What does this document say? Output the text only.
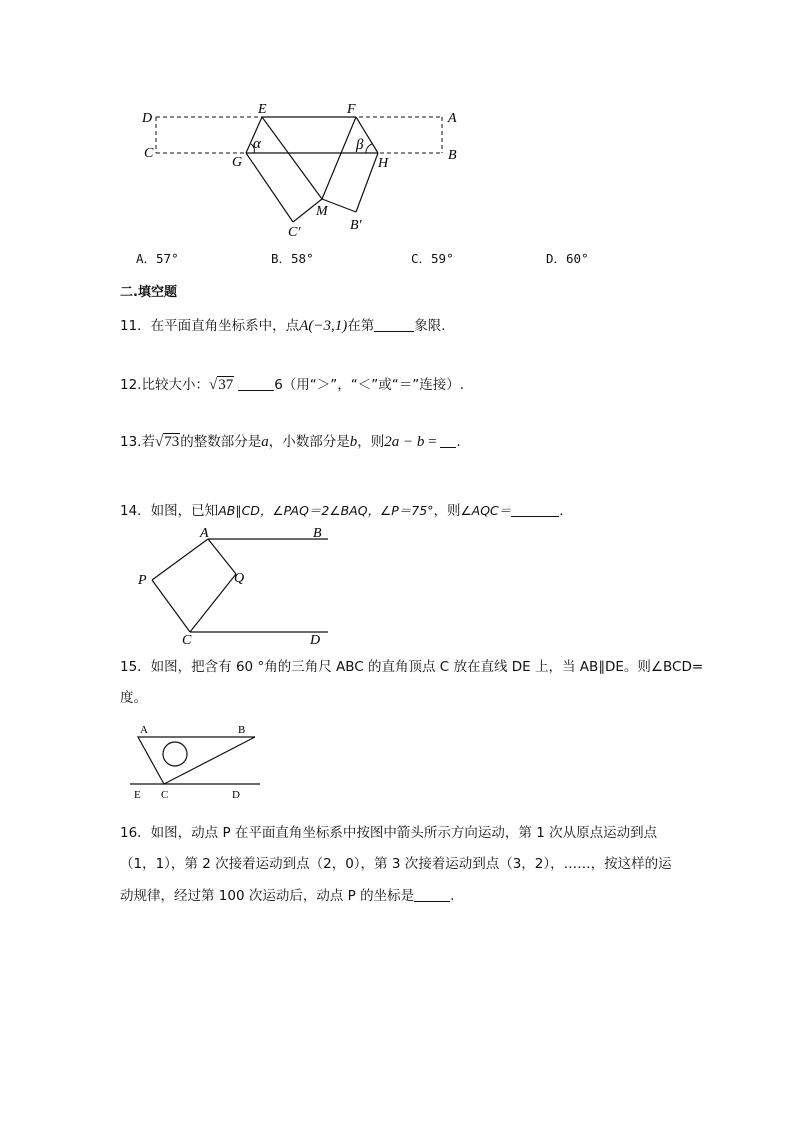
D
E	F
A
C	B
G	H
M
C′	B′
α	β
A．57°	B．58°	C．59°	D．60°
二.填空题
11．在平面直角坐标系中，点A(−3,1)在第	象限.
12.比较大小：√37	6（用“＞”，“＜”或“＝”连接）.
13.若√73的整数部分是a，小数部分是b，则2a − b = .
14．如图，已知AB∥CD，∠PAQ＝2∠BAQ，∠P＝75°，则∠AQC＝	.
A	B
P	Q
C	D
15．如图，把含有 60 °角的三角尺 ABC 的直角顶点 C 放在直线 DE 上，当 AB∥DE。则∠BCD=
度。
A	B
E C	D
16．如图，动点 P 在平面直角坐标系中按图中箭头所示方向运动，第 1 次从原点运动到点
（1，1），第 2 次接着运动到点（2，0），第 3 次接着运动到点（3，2），……，按这样的运
动规律，经过第 100 次运动后，动点 P 的坐标是	.
